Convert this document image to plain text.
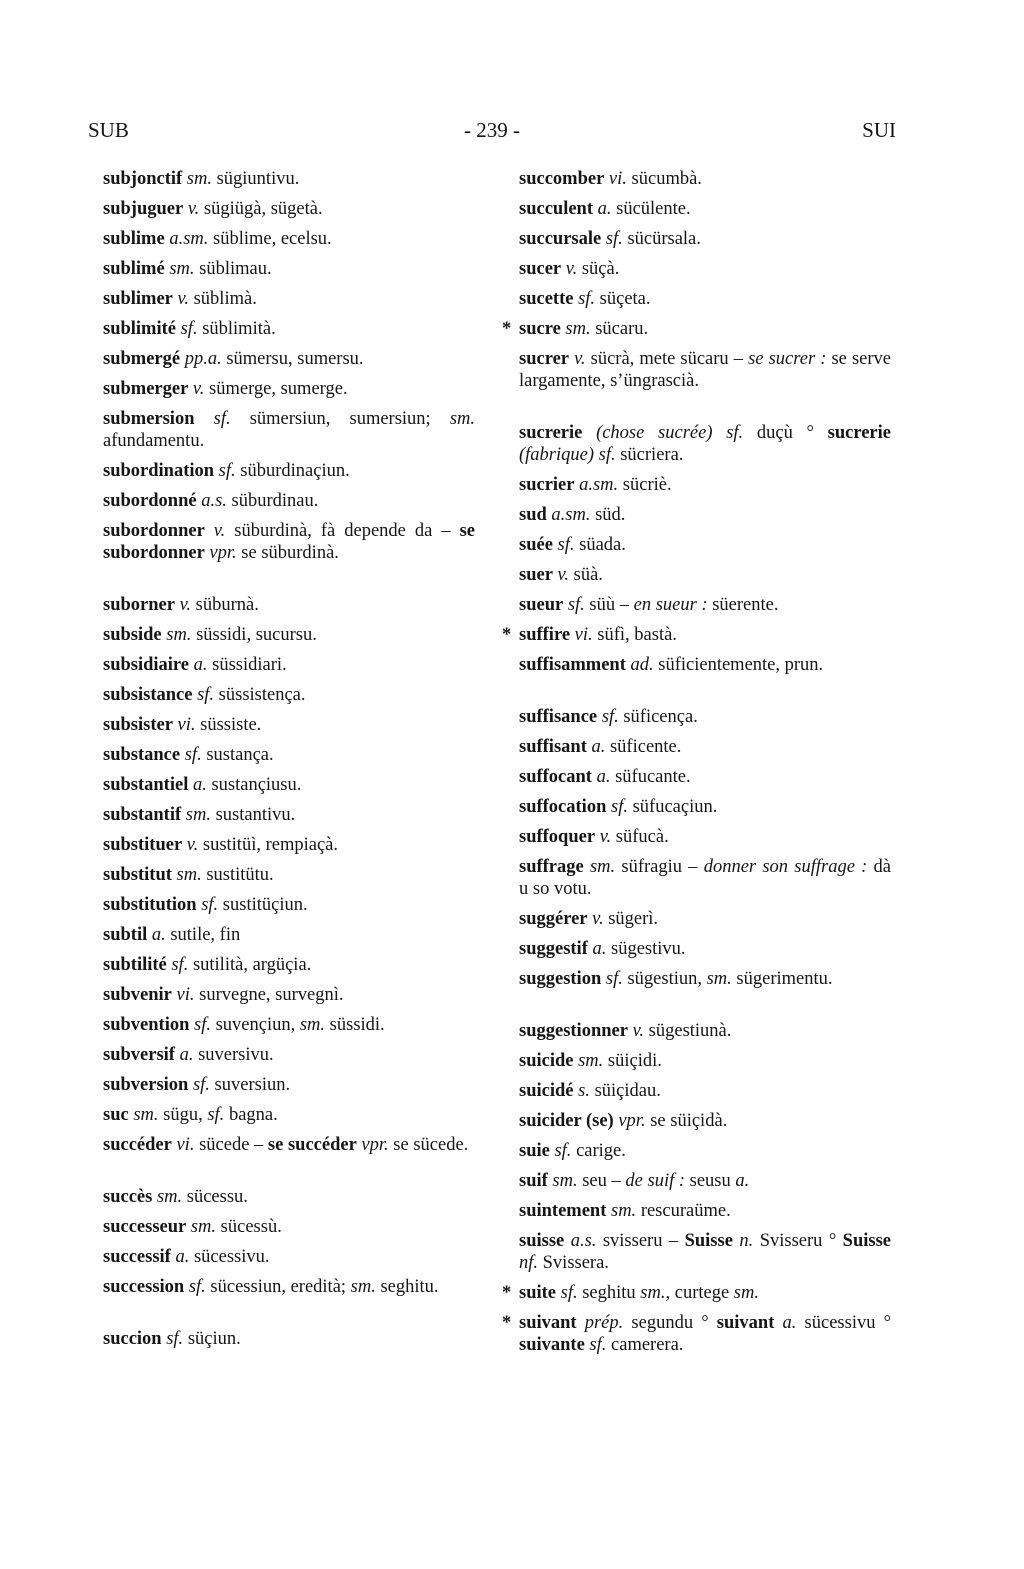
SUB	- 239 -	SUI
subjonctif sm. sügiuntivu.
subjuguer v. sügiügà, sügetà.
sublime a.sm. süblime, ecelsu.
sublimé sm. süblimau.
sublimer v. süblimà.
sublimité sf. süblimità.
submergé pp.a. sümersu, sumersu.
submerger v. sümerge, sumerge.
submersion sf. sümersiun, sumersiun; sm. afundamentu.
subordination sf. süburdinaçiun.
subordonné a.s. süburdinau.
subordonner v. süburdinà, fà depende da – se subordonner vpr. se süburdinà.
suborner v. süburnà.
subside sm. süssidi, sucursu.
subsidiaire a. süssidiari.
subsistance sf. süssistença.
subsister vi. süssiste.
substance sf. sustança.
substantiel a. sustançiusu.
substantif sm. sustantivu.
substituer v. sustitüì, rempiaçà.
substitut sm. sustitütu.
substitution sf. sustitüçiun.
subtil a. sutile, fin
subtilité sf. sutilità, argüçia.
subvenir vi. survegne, survegnì.
subvention sf. suvençiun, sm. süssidi.
subversif a. suversivu.
subversion sf. suversiun.
suc sm. sügu, sf. bagna.
succéder vi. sücede – se succéder vpr. se sücede.
succès sm. sücessu.
successeur sm. sücessù.
successif a. sücessivu.
succession sf. sücessiun, eredità; sm. seghitu.
succion sf. süçiun.
succomber vi. sücumbà.
succulent a. sücülente.
succursale sf. sücürsala.
sucer v. süçà.
sucette sf. süçeta.
* sucre sm. sücaru.
sucrer v. sücrà, mete sücaru – se sucrer : se serve largamente, s’üngrascià.
sucrerie (chose sucrée) sf. duçù ° sucrerie (fabrique) sf. sücriera.
sucrier a.sm. sücriè.
sud a.sm. süd.
suée sf. süada.
suer v. süà.
sueur sf. süù – en sueur : süerente.
* suffire vi. süfì, bastà.
suffisamment ad. süficientemente, prun.
suffisance sf. süficença.
suffisant a. süficente.
suffocant a. süfucante.
suffocation sf. süfucaçiun.
suffoquer v. süfucà.
suffrage sm. süfragiu – donner son suffrage : dà u so votu.
suggérer v. sügerì.
suggestif a. sügestivu.
suggestion sf. sügestiun, sm. sügerimentu.
suggestionner v. sügestiunà.
suicide sm. süiçidi.
suicidé s. süiçidau.
suicider (se) vpr. se süiçidà.
suie sf. carige.
suif sm. seu – de suif : seusu a.
suintement sm. rescuraüme.
suisse a.s. svisseru – Suisse n. Svisseru ° Suisse nf. Svissera.
* suite sf. seghitu sm., curtege sm.
* suivant prép. segundu ° suivant a. sücessivu ° suivante sf. camerera.
